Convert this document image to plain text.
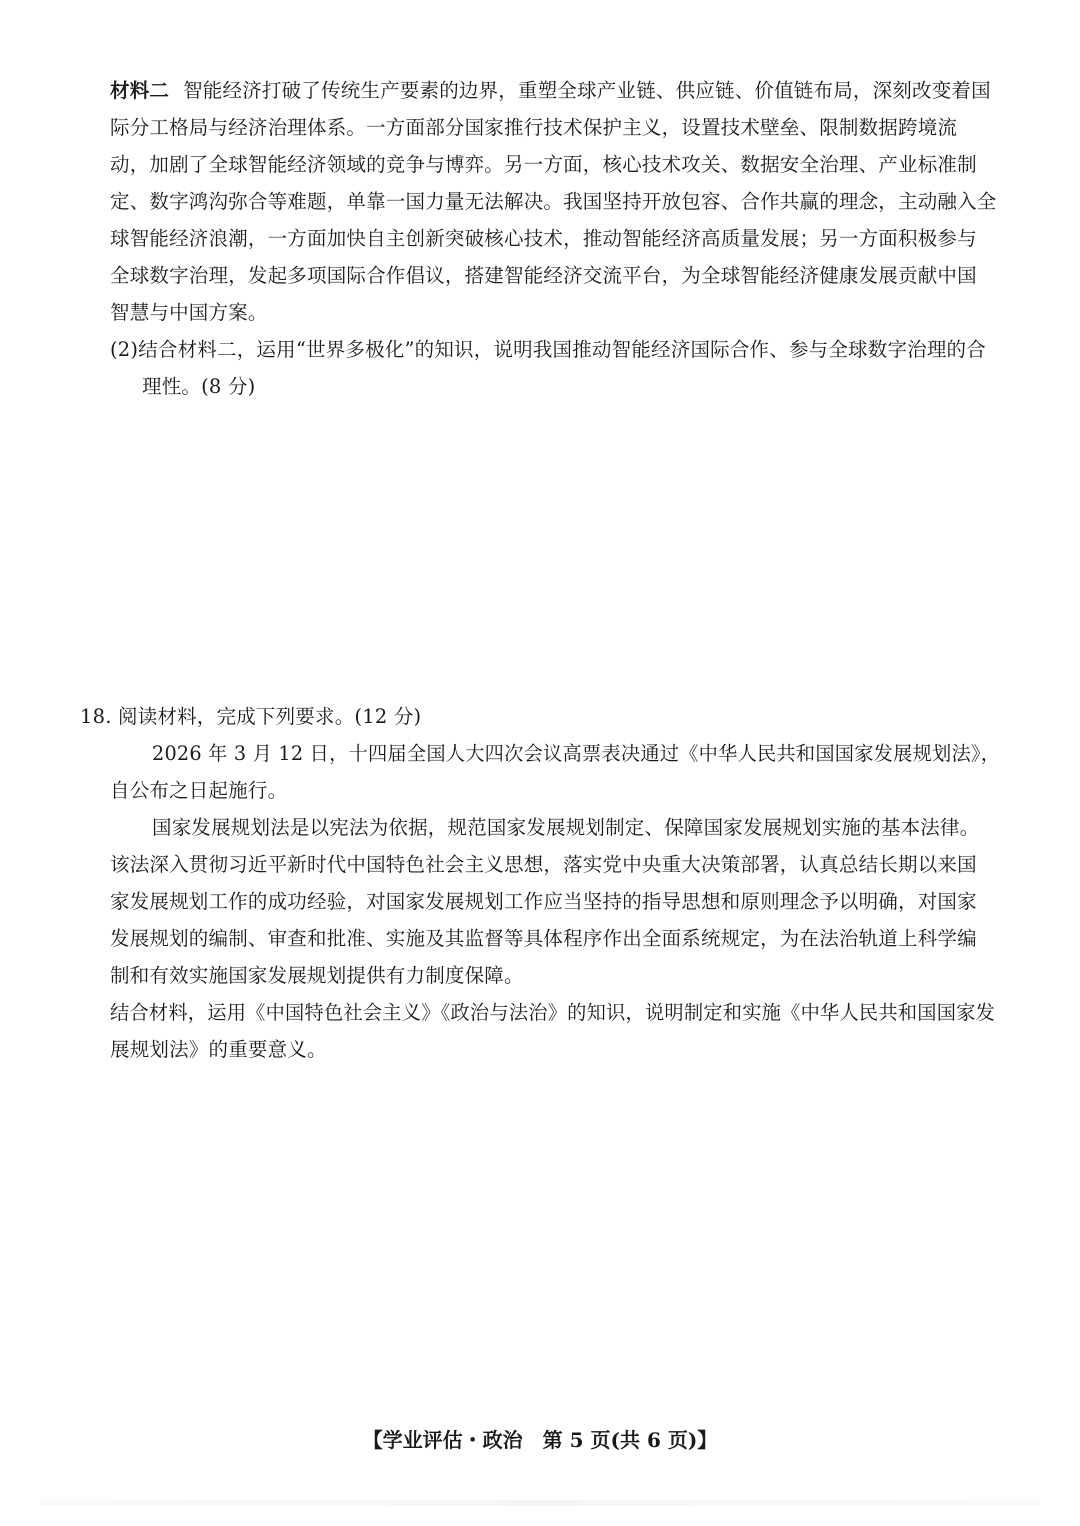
材料二 智能经济打破了传统生产要素的边界，重塑全球产业链、供应链、价值链布局，深刻改变着国
际分工格局与经济治理体系。一方面部分国家推行技术保护主义，设置技术壁垒、限制数据跨境流
动，加剧了全球智能经济领域的竞争与博弈。另一方面，核心技术攻关、数据安全治理、产业标准制
定、数字鸿沟弥合等难题，单靠一国力量无法解决。我国坚持开放包容、合作共赢的理念，主动融入全
球智能经济浪潮，一方面加快自主创新突破核心技术，推动智能经济高质量发展；另一方面积极参与
全球数字治理，发起多项国际合作倡议，搭建智能经济交流平台，为全球智能经济健康发展贡献中国
智慧与中国方案。
(2)结合材料二，运用“世界多极化”的知识，说明我国推动智能经济国际合作、参与全球数字治理的合
理性。(8 分)
18. 阅读材料，完成下列要求。(12 分)
2026 年 3 月 12 日，十四届全国人大四次会议高票表决通过《中华人民共和国国家发展规划法》，
自公布之日起施行。
国家发展规划法是以宪法为依据，规范国家发展规划制定、保障国家发展规划实施的基本法律。
该法深入贯彻习近平新时代中国特色社会主义思想，落实党中央重大决策部署，认真总结长期以来国
家发展规划工作的成功经验，对国家发展规划工作应当坚持的指导思想和原则理念予以明确，对国家
发展规划的编制、审查和批准、实施及其监督等具体程序作出全面系统规定，为在法治轨道上科学编
制和有效实施国家发展规划提供有力制度保障。
结合材料，运用《中国特色社会主义》《政治与法治》的知识，说明制定和实施《中华人民共和国国家发
展规划法》的重要意义。
【学业评估・政治　第 5 页(共 6 页)】
